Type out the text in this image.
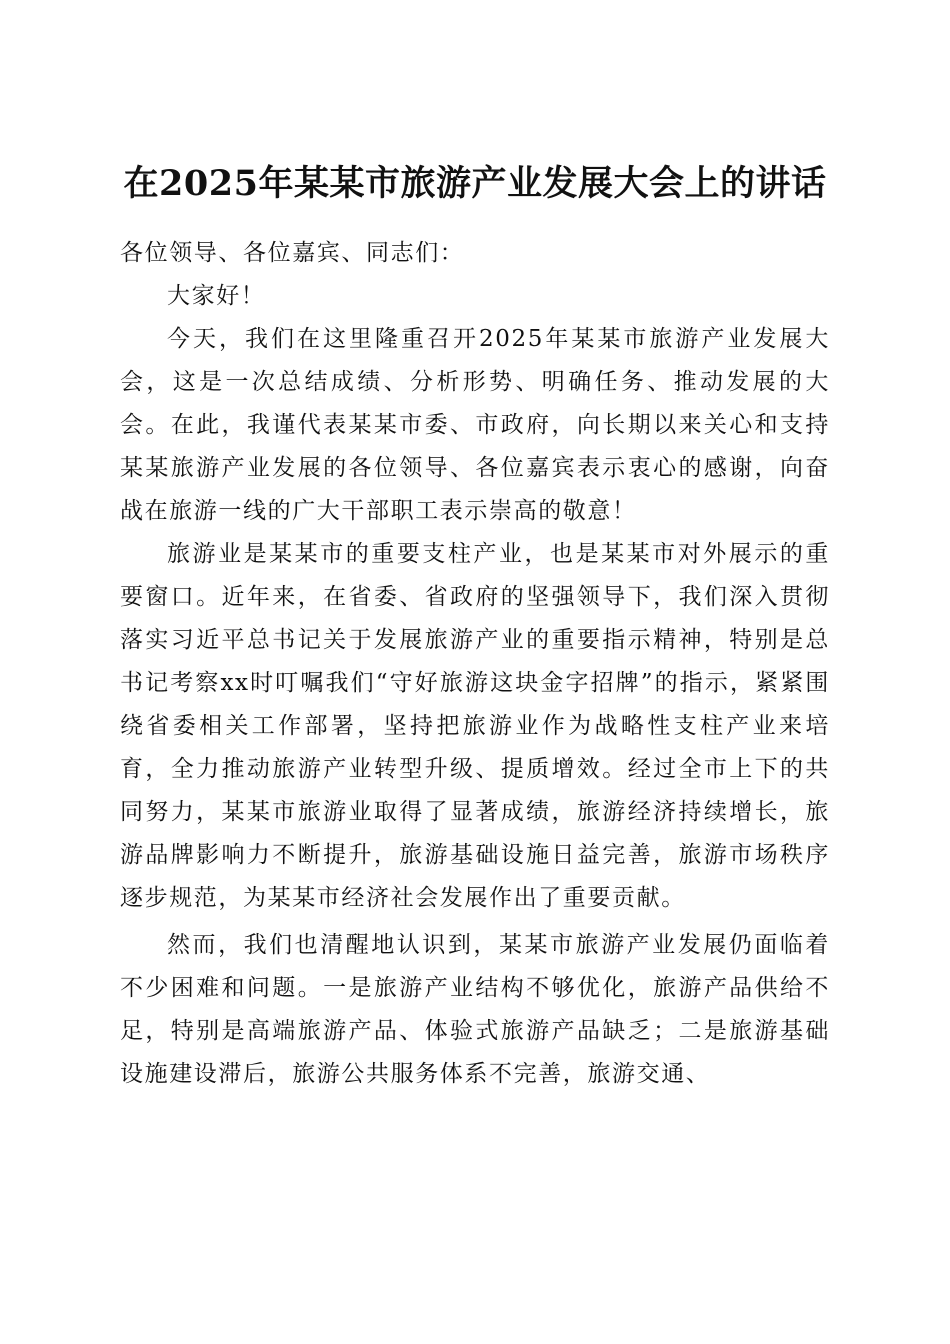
在2025年某某市旅游产业发展大会上的讲话

各位领导、各位嘉宾、同志们：

大家好！

今天，我们在这里隆重召开2025年某某市旅游产业发展大会，这是一次总结成绩、分析形势、明确任务、推动发展的大会。在此，我谨代表某某市委、市政府，向长期以来关心和支持某某旅游产业发展的各位领导、各位嘉宾表示衷心的感谢，向奋战在旅游一线的广大干部职工表示崇高的敬意！

旅游业是某某市的重要支柱产业，也是某某市对外展示的重要窗口。近年来，在省委、省政府的坚强领导下，我们深入贯彻落实习近平总书记关于发展旅游产业的重要指示精神，特别是总书记考察xx时叮嘱我们“守好旅游这块金字招牌”的指示，紧紧围绕省委相关工作部署，坚持把旅游业作为战略性支柱产业来培育，全力推动旅游产业转型升级、提质增效。经过全市上下的共同努力，某某市旅游业取得了显著成绩，旅游经济持续增长，旅游品牌影响力不断提升，旅游基础设施日益完善，旅游市场秩序逐步规范，为某某市经济社会发展作出了重要贡献。

然而，我们也清醒地认识到，某某市旅游产业发展仍面临着不少困难和问题。一是旅游产业结构不够优化，旅游产品供给不足，特别是高端旅游产品、体验式旅游产品缺乏；二是旅游基础设施建设滞后，旅游公共服务体系不完善，旅游交通、
